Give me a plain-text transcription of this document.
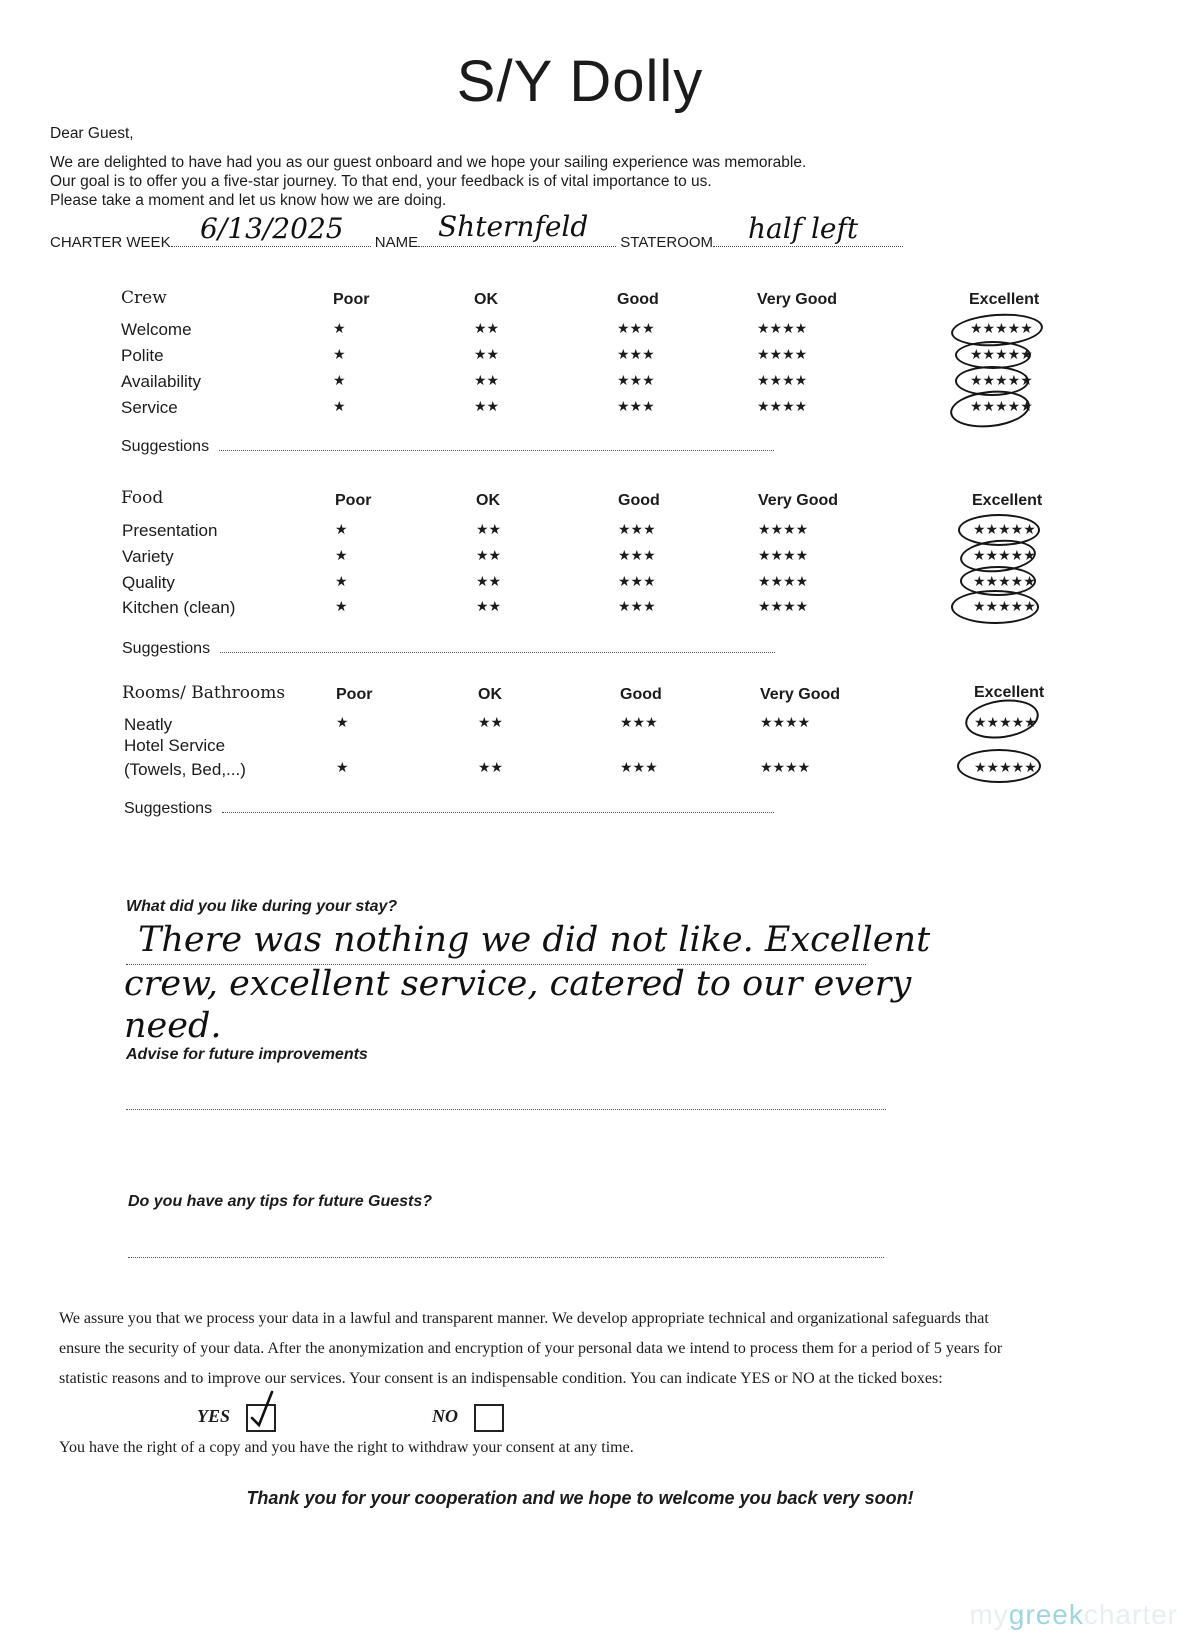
S/Y Dolly
Dear Guest,
We are delighted to have had you as our guest onboard and we hope your sailing experience was memorable.
Our goal is to offer you a five-star journey. To that end, your feedback is of vital importance to us.
Please take a moment and let us know how we are doing.
CHARTER WEEK	NAME	STATEROOM
6/13/2025	Shternfeld	half left
Crew	Poor	OK	Good	Very Good	Excellent
Welcome	★	★★	★★★	★★★★	★★★★★
Polite	★	★★	★★★	★★★★	★★★★★
Availability	★	★★	★★★	★★★★	★★★★★
Service	★	★★	★★★	★★★★	★★★★★
Suggestions
Food	Poor	OK	Good	Very Good	Excellent
Presentation	★	★★	★★★	★★★★	★★★★★
Variety	★	★★	★★★	★★★★	★★★★★
Quality	★	★★	★★★	★★★★	★★★★★
Kitchen (clean)	★	★★	★★★	★★★★	★★★★★
Suggestions
Rooms/ Bathrooms	Poor	OK	Good	Very Good	Excellent
Neatly	★	★★	★★★	★★★★	★★★★★
Hotel Service
(Towels, Bed,...)	★	★★	★★★	★★★★	★★★★★
Suggestions
What did you like during your stay?
There was nothing we did not like. Excellent
crew, excellent service, catered to our every
need.
Advise for future improvements
Do you have any tips for future Guests?
We assure you that we process your data in a lawful and transparent manner. We develop appropriate technical and organizational safeguards that
ensure the security of your data. After the anonymization and encryption of your personal data we intend to process them for a period of 5 years for
statistic reasons and to improve our services. Your consent is an indispensable condition. You can indicate YES or NO at the ticked boxes:
YES	NO
You have the right of a copy and you have the right to withdraw your consent at any time.
Thank you for your cooperation and we hope to welcome you back very soon!
mygreekcharter
